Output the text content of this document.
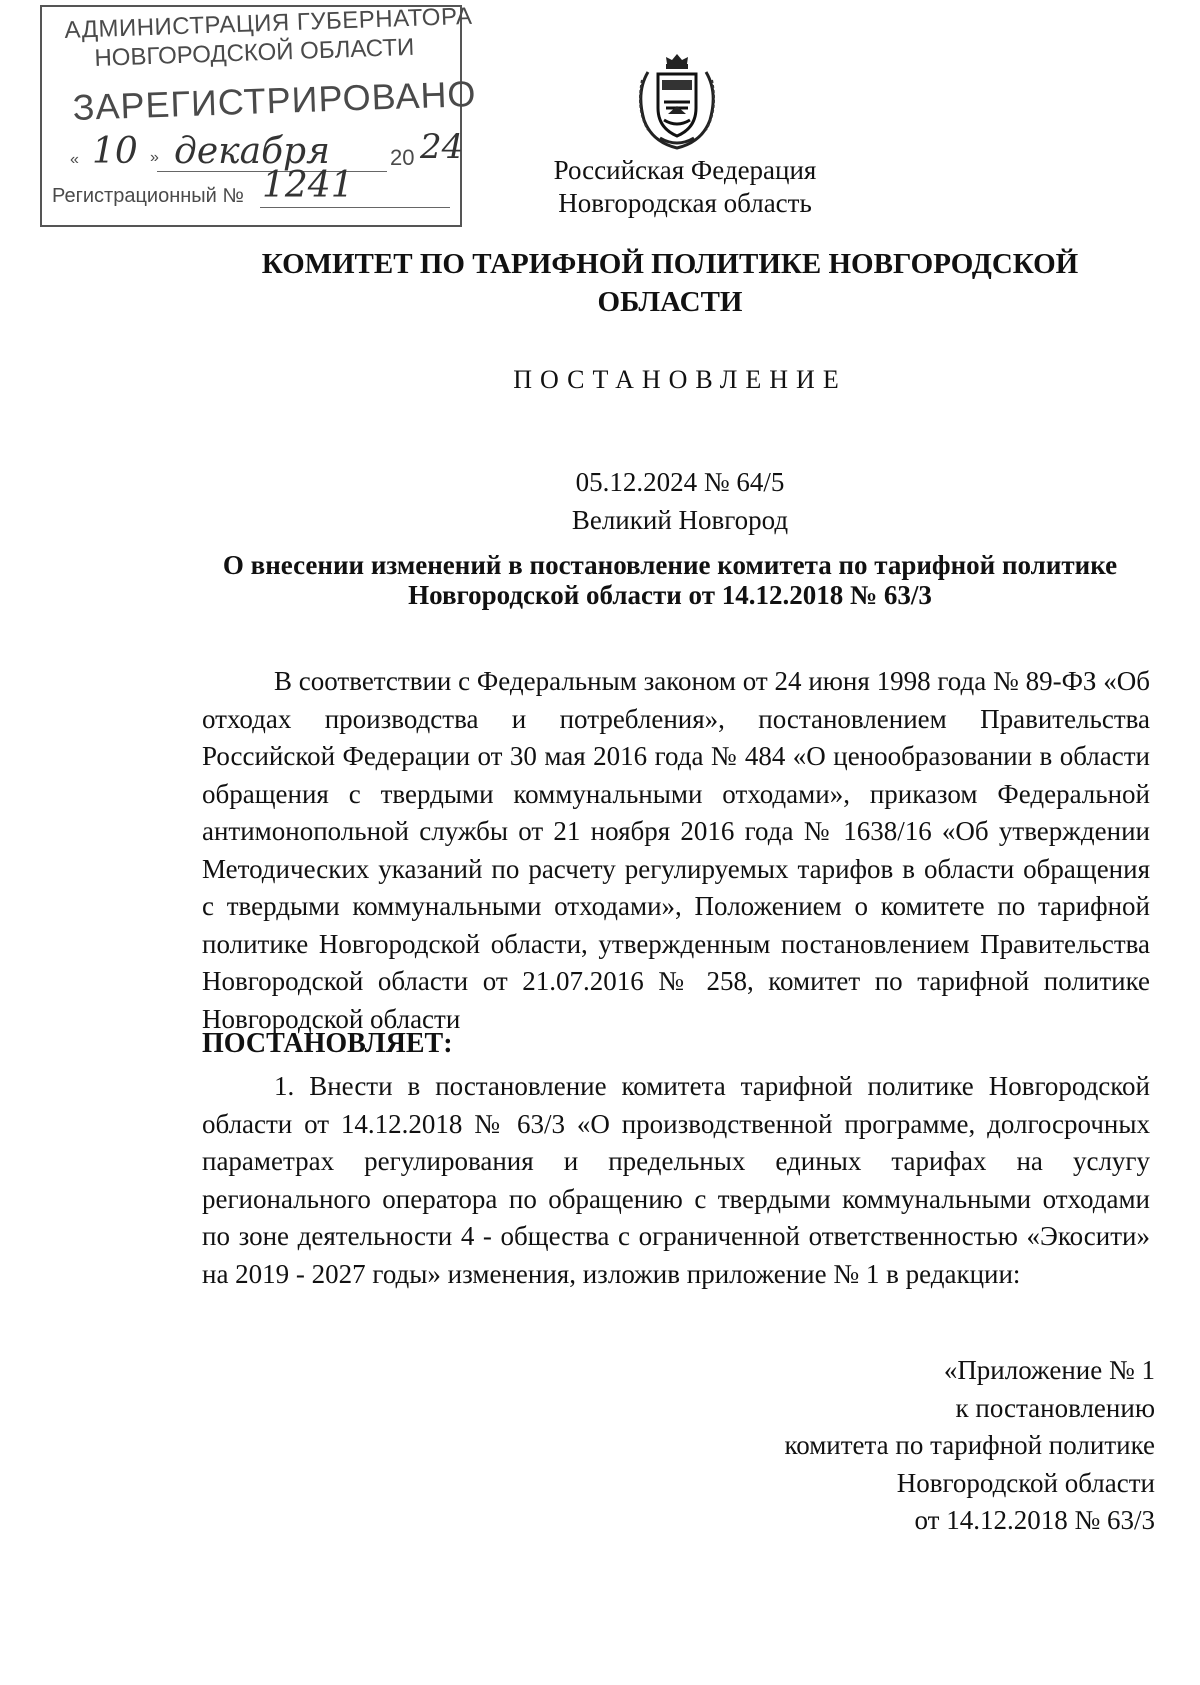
АДМИНИСТРАЦИЯ ГУБЕРНАТОРА
НОВГОРОДСКОЙ ОБЛАСТИ
ЗАРЕГИСТРИРОВАНО
« 10 » декабря	20 24
Регистрационный № 1241	Российская Федерация
Новгородская область
КОМИТЕТ ПО ТАРИФНОЙ ПОЛИТИКЕ НОВГОРОДСКОЙ ОБЛАСТИ
ПОСТАНОВЛЕНИЕ
05.12.2024 № 64/5
Великий Новгород
О внесении изменений в постановление комитета по тарифной политике Новгородской области от 14.12.2018 № 63/3
В соответствии с Федеральным законом от 24 июня 1998 года № 89-ФЗ «Об отходах производства и потребления», постановлением Правительства Российской Федерации от 30 мая 2016 года № 484 «О ценообразовании в области обращения с твердыми коммунальными отходами», приказом Федеральной антимонопольной службы от 21 ноября 2016 года № 1638/16 «Об утверждении Методических указаний по расчету регулируемых тарифов в области обращения с твердыми коммунальными отходами», Положением о комитете по тарифной политике Новгородской области, утвержденным постановлением Правительства Новгородской области от 21.07.2016 № 258, комитет по тарифной политике Новгородской области
ПОСТАНОВЛЯЕТ:
1. Внести в постановление комитета тарифной политике Новгородской области от 14.12.2018 № 63/3 «О производственной программе, долгосрочных параметрах регулирования и предельных единых тарифах на услугу регионального оператора по обращению с твердыми коммунальными отходами по зоне деятельности 4 - общества с ограниченной ответственностью «Экосити» на 2019 - 2027 годы» изменения, изложив приложение № 1 в редакции:
«Приложение № 1
к постановлению
комитета по тарифной политике
Новгородской области
от 14.12.2018 № 63/3
